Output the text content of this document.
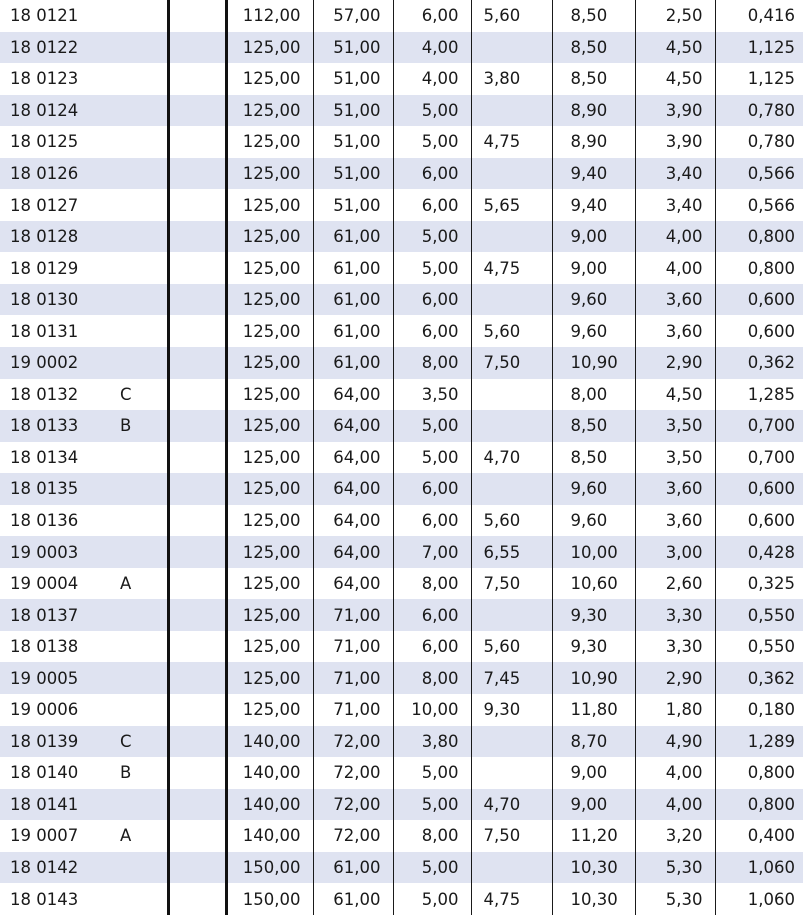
18 0121			112,00	57,00	6,00	5,60	8,50	2,50	0,416
18 0122			125,00	51,00	4,00		8,50	4,50	1,125
18 0123			125,00	51,00	4,00	3,80	8,50	4,50	1,125
18 0124			125,00	51,00	5,00		8,90	3,90	0,780
18 0125			125,00	51,00	5,00	4,75	8,90	3,90	0,780
18 0126			125,00	51,00	6,00		9,40	3,40	0,566
18 0127			125,00	51,00	6,00	5,65	9,40	3,40	0,566
18 0128			125,00	61,00	5,00		9,00	4,00	0,800
18 0129			125,00	61,00	5,00	4,75	9,00	4,00	0,800
18 0130			125,00	61,00	6,00		9,60	3,60	0,600
18 0131			125,00	61,00	6,00	5,60	9,60	3,60	0,600
19 0002			125,00	61,00	8,00	7,50	10,90	2,90	0,362
18 0132	C		125,00	64,00	3,50		8,00	4,50	1,285
18 0133	B		125,00	64,00	5,00		8,50	3,50	0,700
18 0134			125,00	64,00	5,00	4,70	8,50	3,50	0,700
18 0135			125,00	64,00	6,00		9,60	3,60	0,600
18 0136			125,00	64,00	6,00	5,60	9,60	3,60	0,600
19 0003			125,00	64,00	7,00	6,55	10,00	3,00	0,428
19 0004	A		125,00	64,00	8,00	7,50	10,60	2,60	0,325
18 0137			125,00	71,00	6,00		9,30	3,30	0,550
18 0138			125,00	71,00	6,00	5,60	9,30	3,30	0,550
19 0005			125,00	71,00	8,00	7,45	10,90	2,90	0,362
19 0006			125,00	71,00	10,00	9,30	11,80	1,80	0,180
18 0139	C		140,00	72,00	3,80		8,70	4,90	1,289
18 0140	B		140,00	72,00	5,00		9,00	4,00	0,800
18 0141			140,00	72,00	5,00	4,70	9,00	4,00	0,800
19 0007	A		140,00	72,00	8,00	7,50	11,20	3,20	0,400
18 0142			150,00	61,00	5,00		10,30	5,30	1,060
18 0143			150,00	61,00	5,00	4,75	10,30	5,30	1,060
